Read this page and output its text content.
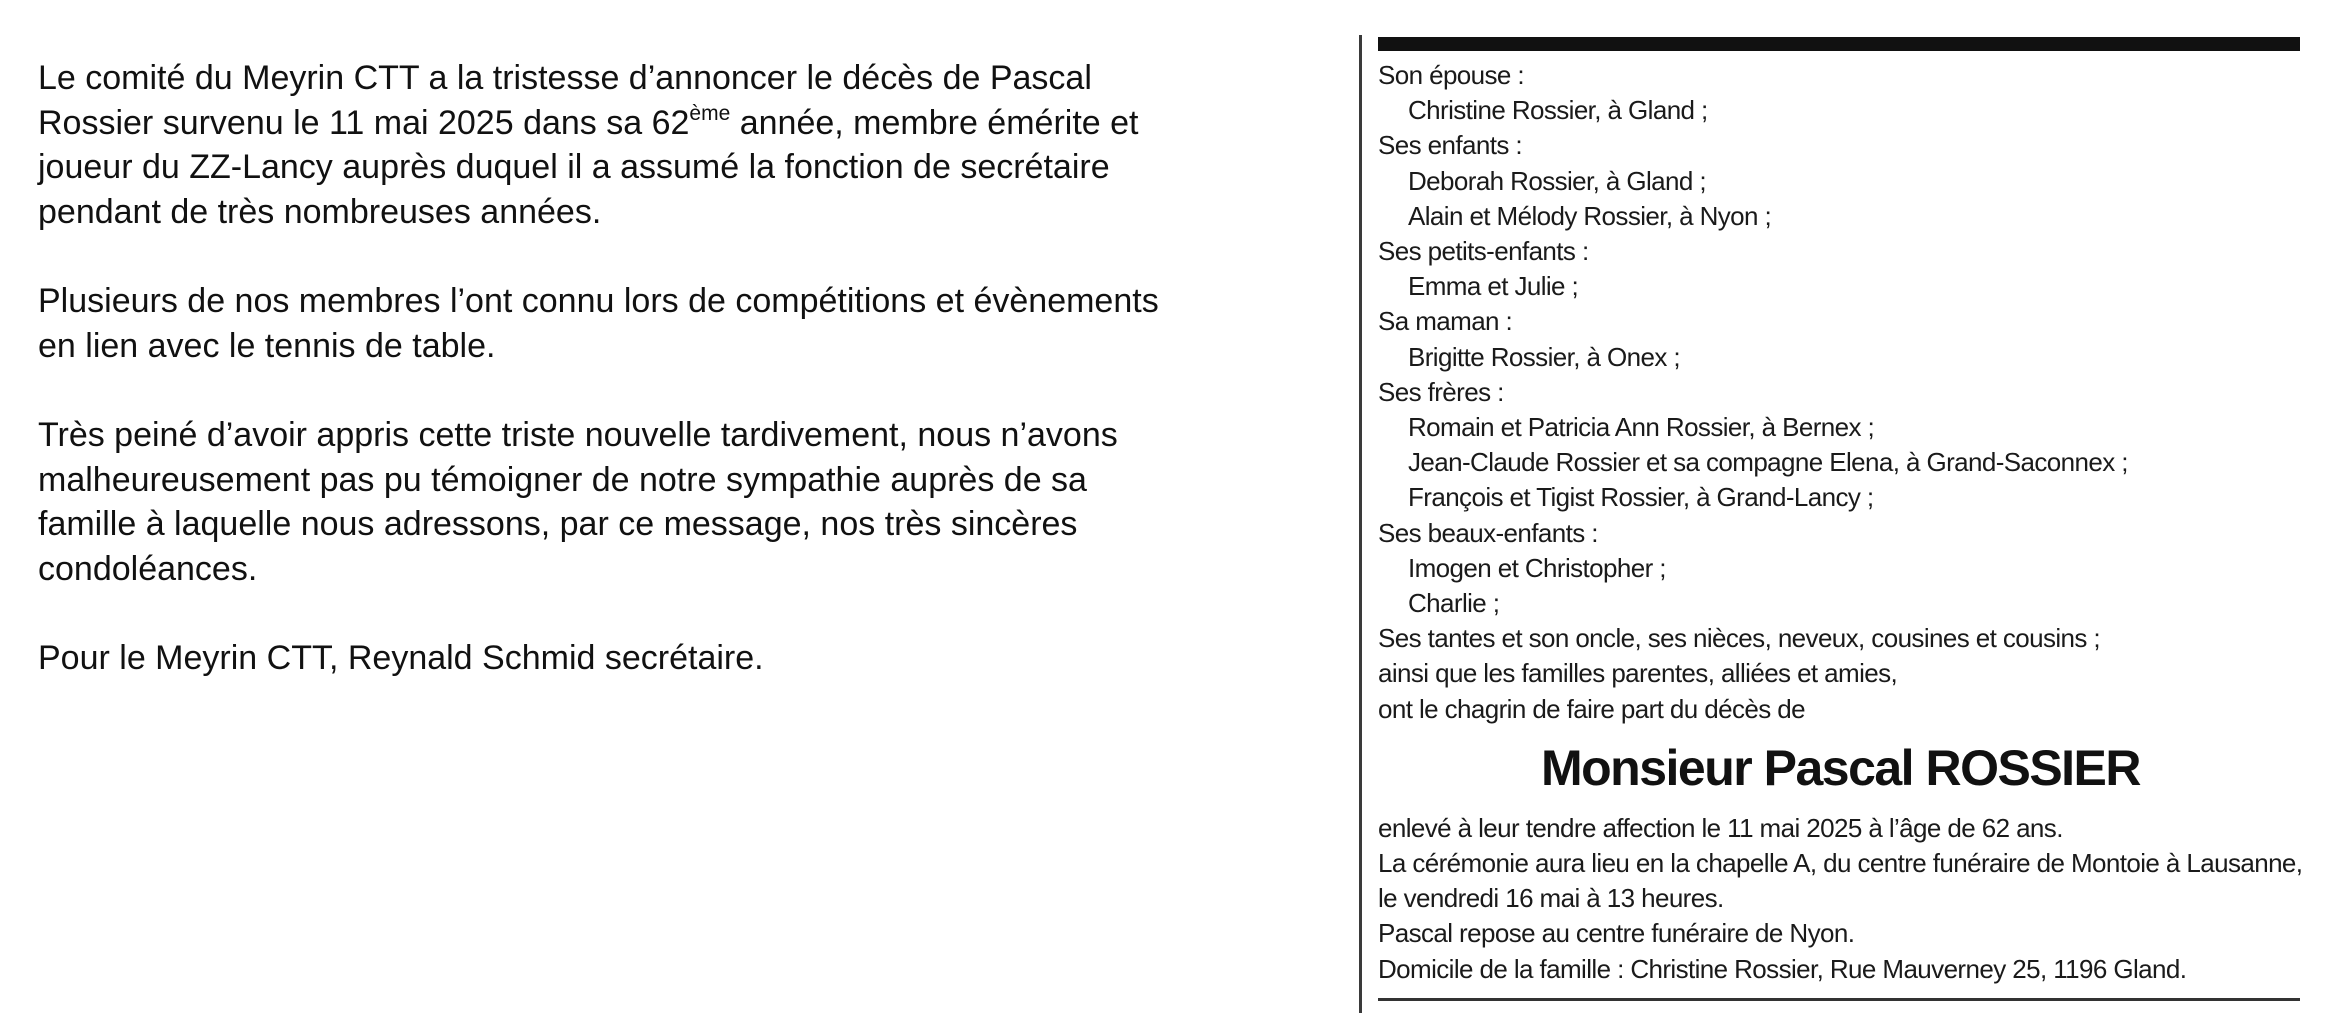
Le comité du Meyrin CTT a la tristesse d’annoncer le décès de Pascal
Rossier survenu le 11 mai 2025 dans sa 62ème année, membre émérite et
joueur du ZZ-Lancy auprès duquel il a assumé la fonction de secrétaire
pendant de très nombreuses années.

Plusieurs de nos membres l’ont connu lors de compétitions et évènements
en lien avec le tennis de table.

Très peiné d’avoir appris cette triste nouvelle tardivement, nous n’avons
malheureusement pas pu témoigner de notre sympathie auprès de sa
famille à laquelle nous adressons, par ce message, nos très sincères
condoléances.

Pour le Meyrin CTT, Reynald Schmid secrétaire.

Son épouse :
Christine Rossier, à Gland ;
Ses enfants :
Deborah Rossier, à Gland ;
Alain et Mélody Rossier, à Nyon ;
Ses petits-enfants :
Emma et Julie ;
Sa maman :
Brigitte Rossier, à Onex ;
Ses frères :
Romain et Patricia Ann Rossier, à Bernex ;
Jean-Claude Rossier et sa compagne Elena, à Grand-Saconnex ;
François et Tigist Rossier, à Grand-Lancy ;
Ses beaux-enfants :
Imogen et Christopher ;
Charlie ;
Ses tantes et son oncle, ses nièces, neveux, cousines et cousins ;
ainsi que les familles parentes, alliées et amies,
ont le chagrin de faire part du décès de
Monsieur Pascal ROSSIER
enlevé à leur tendre affection le 11 mai 2025 à l’âge de 62 ans.
La cérémonie aura lieu en la chapelle A, du centre funéraire de Montoie à Lausanne,
le vendredi 16 mai à 13 heures.
Pascal repose au centre funéraire de Nyon.
Domicile de la famille : Christine Rossier, Rue Mauverney 25, 1196 Gland.
